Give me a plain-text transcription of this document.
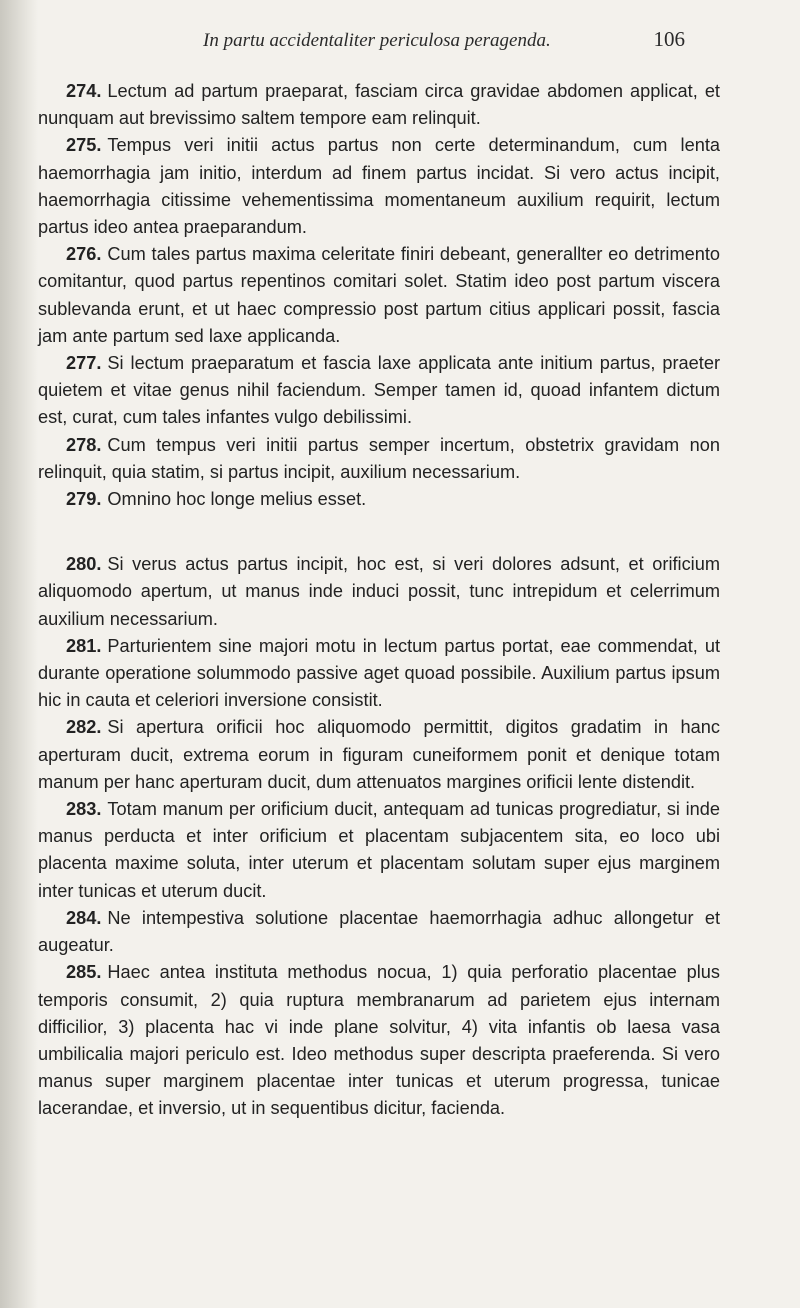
In partu accidentaliter periculosa peragenda.	106

274. Lectum ad partum praeparat, fasciam circa gravidae abdomen applicat, et nunquam aut brevissimo saltem tempore eam relinquit.

275. Tempus veri initii actus partus non certe determinandum, cum lenta haemorrhagia jam initio, interdum ad finem partus incidat. Si vero actus incipit, haemorrhagia citissime vehementissima momentaneum auxilium requirit, lectum partus ideo antea praeparandum.

276. Cum tales partus maxima celeritate finiri debeant, generallter eo detrimento comitantur, quod partus repentinos comitari solet. Statim ideo post partum viscera sublevanda erunt, et ut haec compressio post partum citius applicari possit, fascia jam ante partum sed laxe applicanda.

277. Si lectum praeparatum et fascia laxe applicata ante initium partus, praeter quietem et vitae genus nihil faciendum. Semper tamen id, quoad infantem dictum est, curat, cum tales infantes vulgo debilissimi.

278. Cum tempus veri initii partus semper incertum, obstetrix gravidam non relinquit, quia statim, si partus incipit, auxilium necessarium.

279. Omnino hoc longe melius esset.

280. Si verus actus partus incipit, hoc est, si veri dolores adsunt, et orificium aliquomodo apertum, ut manus inde induci possit, tunc intrepidum et celerrimum auxilium necessarium.

281. Parturientem sine majori motu in lectum partus portat, eae commendat, ut durante operatione solummodo passive aget quoad possibile. Auxilium partus ipsum hic in cauta et celeriori inversione consistit.

282. Si apertura orificii hoc aliquomodo permittit, digitos gradatim in hanc aperturam ducit, extrema eorum in figuram cuneiformem ponit et denique totam manum per hanc aperturam ducit, dum attenuatos margines orificii lente distendit.

283. Totam manum per orificium ducit, antequam ad tunicas progrediatur, si inde manus perducta et inter orificium et placentam subjacentem sita, eo loco ubi placenta maxime soluta, inter uterum et placentam solutam super ejus marginem inter tunicas et uterum ducit.

284. Ne intempestiva solutione placentae haemorrhagia adhuc allongetur et augeatur.

285. Haec antea instituta methodus nocua, 1) quia perforatio placentae plus temporis consumit, 2) quia ruptura membranarum ad parietem ejus internam difficilior, 3) placenta hac vi inde plane solvitur, 4) vita infantis ob laesa vasa umbilicalia majori periculo est. Ideo methodus super descripta praeferenda. Si vero manus super marginem placentae inter tunicas et uterum progressa, tunicae lacerandae, et inversio, ut in sequentibus dicitur, facienda.
